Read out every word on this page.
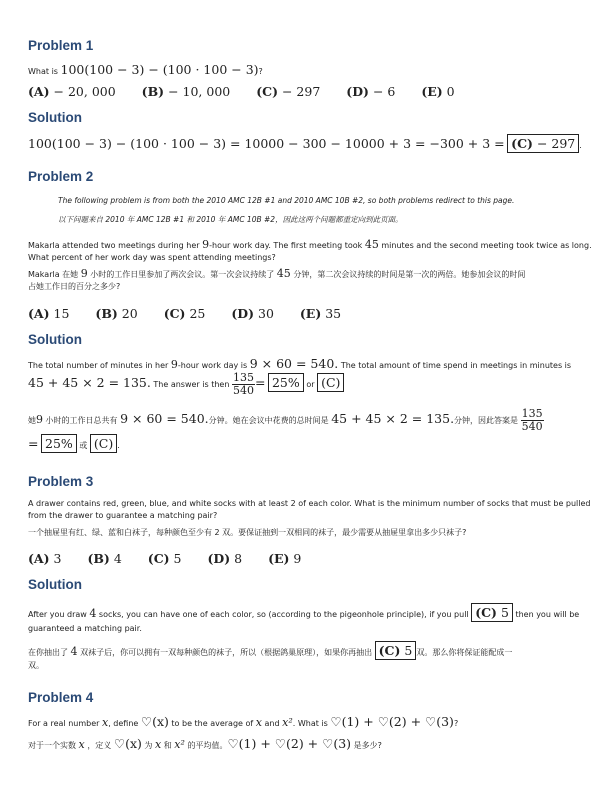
Problem 1
What is 100(100 − 3) − (100 · 100 − 3)?
(A) − 20, 000 (B) − 10, 000 (C) − 297 (D) − 6 (E) 0
Solution
100(100 − 3) − (100 · 100 − 3) = 10000 − 300 − 10000 + 3 = −300 + 3 = (C) − 297 .
Problem 2
The following problem is from both the 2010 AMC 12B #1 and 2010 AMC 10B #2, so both problems redirect to this page.
以下问题来自 2010 年 AMC 12B #1 和 2010 年 AMC 10B #2，因此这两个问题都重定向到此页面。
Makarla attended two meetings during her 9-hour work day. The first meeting took 45 minutes and the second meeting took twice as long.
What percent of her work day was spent attending meetings?
Makarla 在她 9 小时的工作日里参加了两次会议。第一次会议持续了 45 分钟，第二次会议持续的时间是第一次的两倍。她参加会议的时间
占她工作日的百分之多少?
(A) 15 (B) 20 (C) 25 (D) 30 (E) 35
Solution
The total number of minutes in her 9-hour work day is 9 × 60 = 540. The total amount of time spend in meetings in minutes is
45 + 45 × 2 = 135. The answer is then $\frac{135}{540} = 25\%$ or (C)
她9 小时的工作日总共有 9 × 60 = 540.分钟。她在会议中花费的总时间是 45 + 45 × 2 = 135.分钟，因此答案是 $\frac{135}{540}$
= 25% 或 (C) .
Problem 3
A drawer contains red, green, blue, and white socks with at least 2 of each color. What is the minimum number of socks that must be pulled
from the drawer to guarantee a matching pair?
一个抽屉里有红、绿、蓝和白袜子，每种颜色至少有 2 双。要保证抽到一双相同的袜子，最少需要从抽屉里拿出多少只袜子?
(A) 3 (B) 4 (C) 5 (D) 8 (E) 9
Solution
After you draw 4 socks, you can have one of each color, so (according to the pigeonhole principle), if you pull (C) 5 then you will be
guaranteed a matching pair.
在你抽出了 4 双袜子后，你可以拥有一双每种颜色的袜子，所以（根据鸽巢原理），如果你再抽出 (C) 5 双。那么你将保证能配成一
双。
Problem 4
For a real number x, define ♡(x) to be the average of x and x². What is ♡(1) + ♡(2) + ♡(3)?
对于一个实数 x ，定义 ♡(x) 为 x 和 x² 的平均值。♡(1) + ♡(2) + ♡(3) 是多少?
